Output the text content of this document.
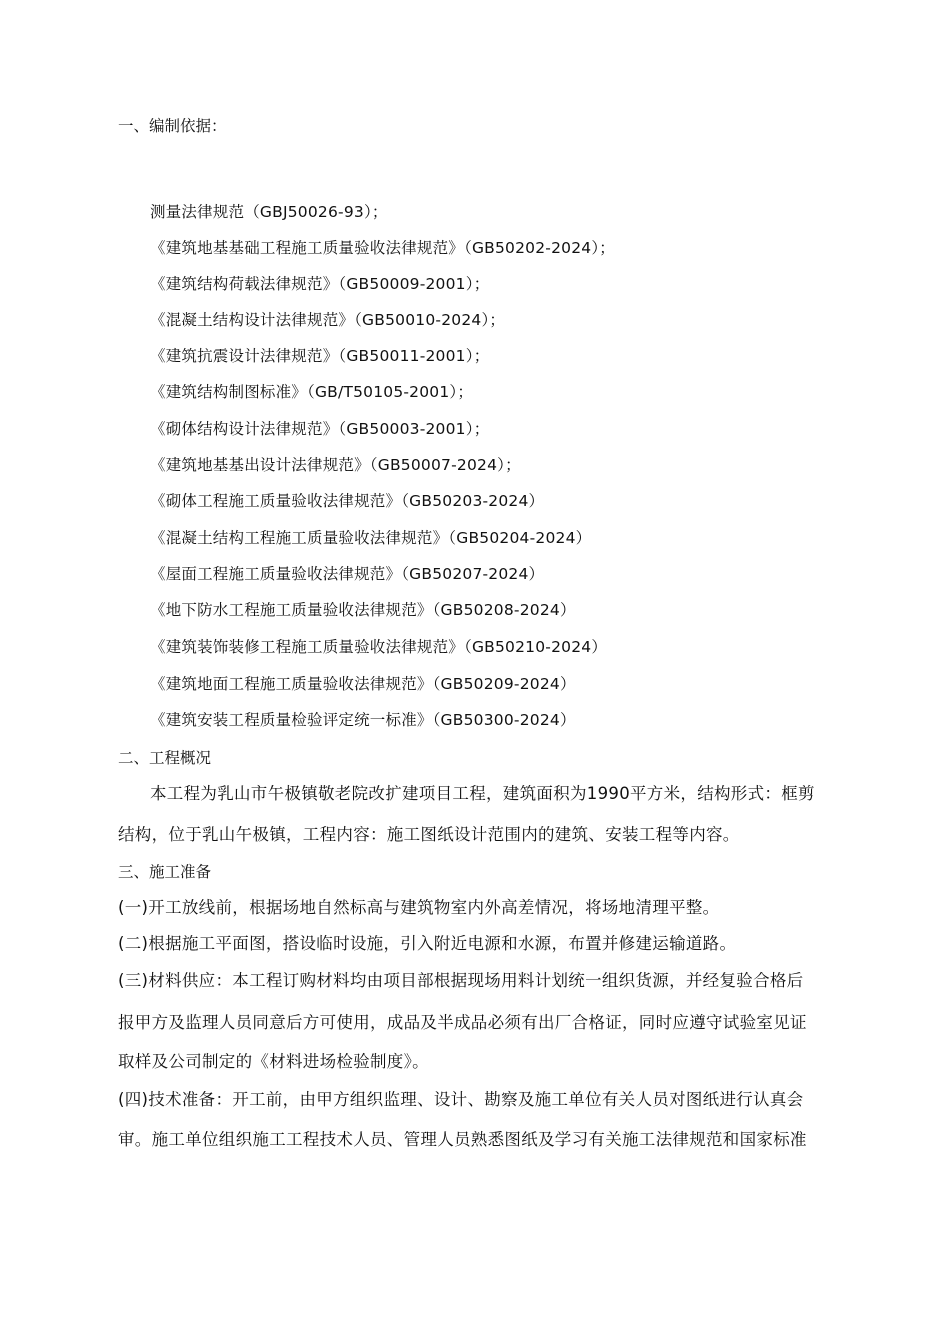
一、编制依据：
测量法律规范（GBJ50026-93）；
《建筑地基基础工程施工质量验收法律规范》（GB50202-2024）；
《建筑结构荷载法律规范》（GB50009-2001）；
《混凝土结构设计法律规范》（GB50010-2024）；
《建筑抗震设计法律规范》（GB50011-2001）；
《建筑结构制图标准》（GB/T50105-2001）；
《砌体结构设计法律规范》（GB50003-2001）；
《建筑地基基出设计法律规范》（GB50007-2024）；
《砌体工程施工质量验收法律规范》（GB50203-2024）
《混凝土结构工程施工质量验收法律规范》（GB50204-2024）
《屋面工程施工质量验收法律规范》（GB50207-2024）
《地下防水工程施工质量验收法律规范》（GB50208-2024）
《建筑装饰装修工程施工质量验收法律规范》（GB50210-2024）
《建筑地面工程施工质量验收法律规范》（GB50209-2024）
《建筑安装工程质量检验评定统一标准》（GB50300-2024）
二、工程概况
本工程为乳山市午极镇敬老院改扩建项目工程，建筑面积为1990平方米，结构形式：框剪
结构，位于乳山午极镇，工程内容：施工图纸设计范围内的建筑、安装工程等内容。
三、施工准备
(一)开工放线前，根据场地自然标高与建筑物室内外高差情况，将场地清理平整。
(二)根据施工平面图，搭设临时设施，引入附近电源和水源，布置并修建运输道路。
(三)材料供应：本工程订购材料均由项目部根据现场用料计划统一组织货源，并经复验合格后
报甲方及监理人员同意后方可使用，成品及半成品必须有出厂合格证，同时应遵守试验室见证
取样及公司制定的《材料进场检验制度》。
(四)技术准备：开工前，由甲方组织监理、设计、勘察及施工单位有关人员对图纸进行认真会
审。施工单位组织施工工程技术人员、管理人员熟悉图纸及学习有关施工法律规范和国家标准
